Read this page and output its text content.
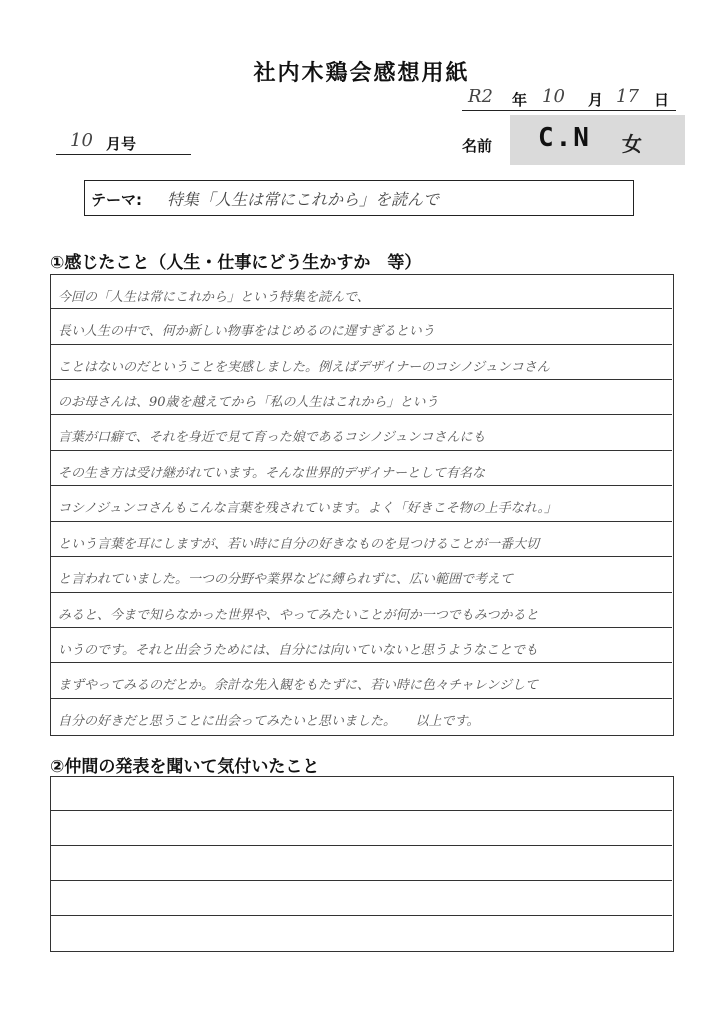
社内木鶏会感想用紙
R2 年 10 月 17 日
10 月号	名前 C.N 女
テーマ: 特集「人生は常にこれから」を読んで
①感じたこと（人生・仕事にどう生かすか　等）
今回の「人生は常にこれから」という特集を読んで、
長い人生の中で、何か新しい物事をはじめるのに遅すぎるという
ことはないのだということを実感しました。例えばデザイナーのコシノジュンコさん
のお母さんは、90歳を越えてから「私の人生はこれから」という
言葉が口癖で、それを身近で見て育った娘であるコシノジュンコさんにも
その生き方は受け継がれています。そんな世界的デザイナーとして有名な
コシノジュンコさんもこんな言葉を残されています。よく「好きこそ物の上手なれ。」
という言葉を耳にしますが、若い時に自分の好きなものを見つけることが一番大切
と言われていました。一つの分野や業界などに縛られずに、広い範囲で考えて
みると、今まで知らなかった世界や、やってみたいことが何か一つでもみつかると
いうのです。それと出会うためには、自分には向いていないと思うようなことでも
まずやってみるのだとか。余計な先入観をもたずに、若い時に色々チャレンジして
自分の好きだと思うことに出会ってみたいと思いました。　　以上です。
②仲間の発表を聞いて気付いたこと
